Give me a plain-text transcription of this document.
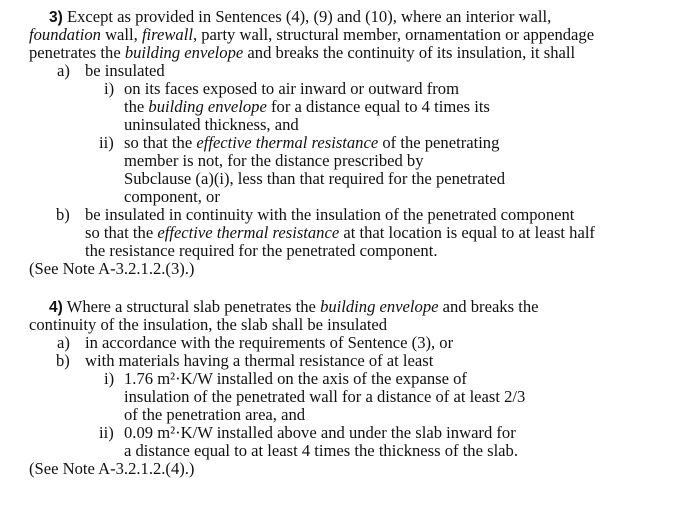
3) Except as provided in Sentences (4), (9) and (10), where an interior wall,
foundation wall, firewall, party wall, structural member, ornamentation or appendage
penetrates the building envelope and breaks the continuity of its insulation, it shall
a) be insulated
i) on its faces exposed to air inward or outward from
the building envelope for a distance equal to 4 times its
uninsulated thickness, and
ii) so that the effective thermal resistance of the penetrating
member is not, for the distance prescribed by
Subclause (a)(i), less than that required for the penetrated
component, or
b) be insulated in continuity with the insulation of the penetrated component
so that the effective thermal resistance at that location is equal to at least half
the resistance required for the penetrated component.
(See Note A-3.2.1.2.(3).)
4) Where a structural slab penetrates the building envelope and breaks the
continuity of the insulation, the slab shall be insulated
a) in accordance with the requirements of Sentence (3), or
b) with materials having a thermal resistance of at least
i) 1.76 m²·K/W installed on the axis of the expanse of
insulation of the penetrated wall for a distance of at least 2/3
of the penetration area, and
ii) 0.09 m²·K/W installed above and under the slab inward for
a distance equal to at least 4 times the thickness of the slab.
(See Note A-3.2.1.2.(4).)
